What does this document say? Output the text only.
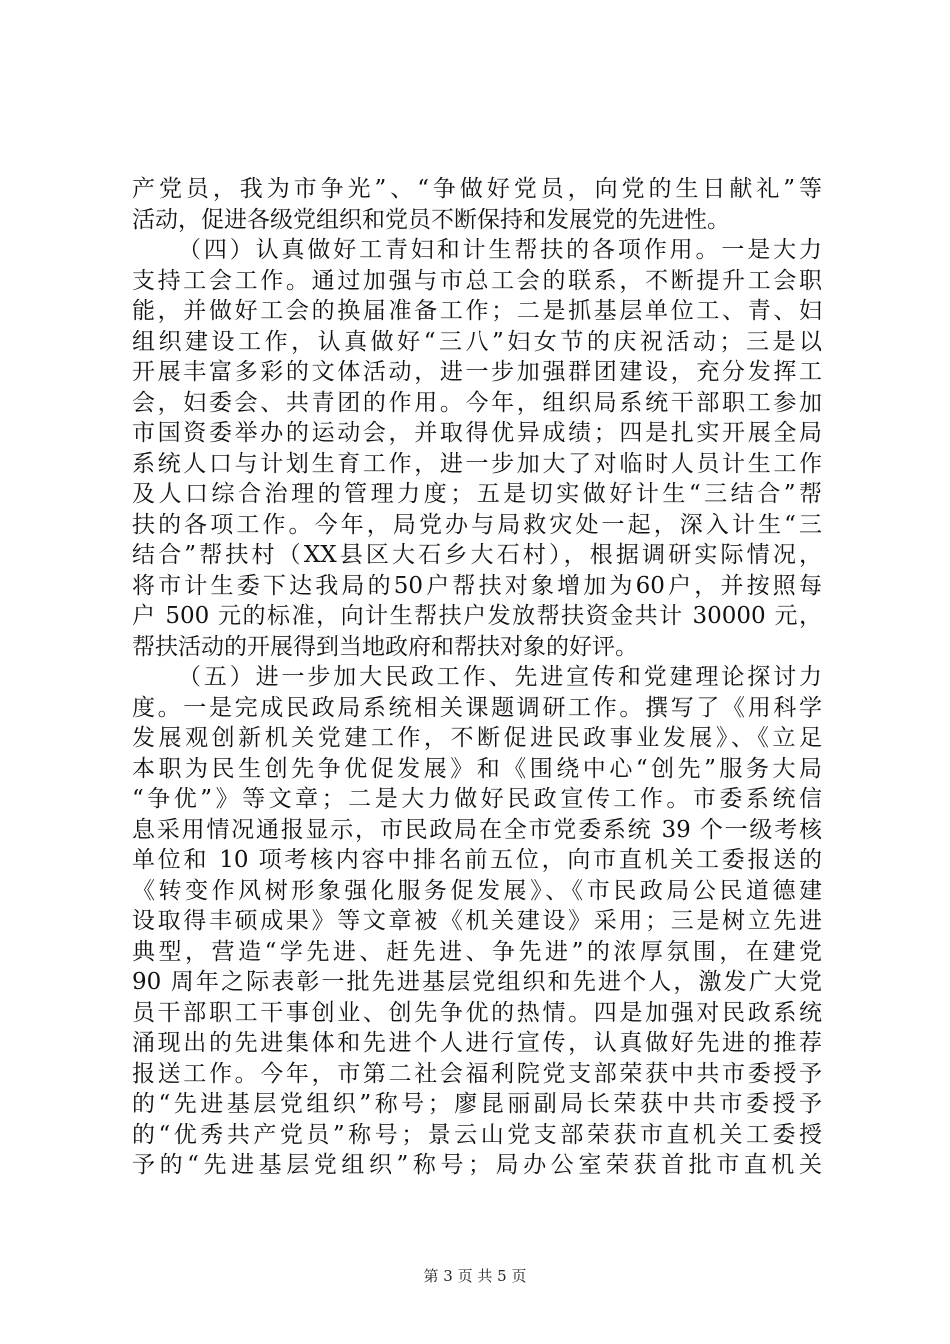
产党员，我为市争光”、“争做好党员，向党的生日献礼”等
活动，促进各级党组织和党员不断保持和发展党的先进性。
（四）认真做好工青妇和计生帮扶的各项作用。一是大力
支持工会工作。通过加强与市总工会的联系，不断提升工会职
能，并做好工会的换届准备工作；二是抓基层单位工、青、妇
组织建设工作，认真做好“三八”妇女节的庆祝活动；三是以
开展丰富多彩的文体活动，进一步加强群团建设，充分发挥工
会，妇委会、共青团的作用。今年，组织局系统干部职工参加
市国资委举办的运动会，并取得优异成绩；四是扎实开展全局
系统人口与计划生育工作，进一步加大了对临时人员计生工作
及人口综合治理的管理力度；五是切实做好计生“三结合”帮
扶的各项工作。今年，局党办与局救灾处一起，深入计生“三
结合”帮扶村（XX县区大石乡大石村），根据调研实际情况，
将市计生委下达我局的50户帮扶对象增加为60户，并按照每
户 500 元的标准，向计生帮扶户发放帮扶资金共计 30000 元，
帮扶活动的开展得到当地政府和帮扶对象的好评。
（五）进一步加大民政工作、先进宣传和党建理论探讨力
度。一是完成民政局系统相关课题调研工作。撰写了《用科学
发展观创新机关党建工作，不断促进民政事业发展》、《立足
本职为民生创先争优促发展》和《围绕中心“创先”服务大局
“争优”》等文章；二是大力做好民政宣传工作。市委系统信
息采用情况通报显示，市民政局在全市党委系统 39 个一级考核
单位和 10 项考核内容中排名前五位，向市直机关工委报送的
《转变作风树形象强化服务促发展》、《市民政局公民道德建
设取得丰硕成果》等文章被《机关建设》采用；三是树立先进
典型，营造“学先进、赶先进、争先进”的浓厚氛围，在建党
90 周年之际表彰一批先进基层党组织和先进个人，激发广大党
员干部职工干事创业、创先争优的热情。四是加强对民政系统
涌现出的先进集体和先进个人进行宣传，认真做好先进的推荐
报送工作。今年，市第二社会福利院党支部荣获中共市委授予
的“先进基层党组织”称号；廖昆丽副局长荣获中共市委授予
的“优秀共产党员”称号；景云山党支部荣获市直机关工委授
予的“先进基层党组织”称号；局办公室荣获首批市直机关
第 3 页 共 5 页
